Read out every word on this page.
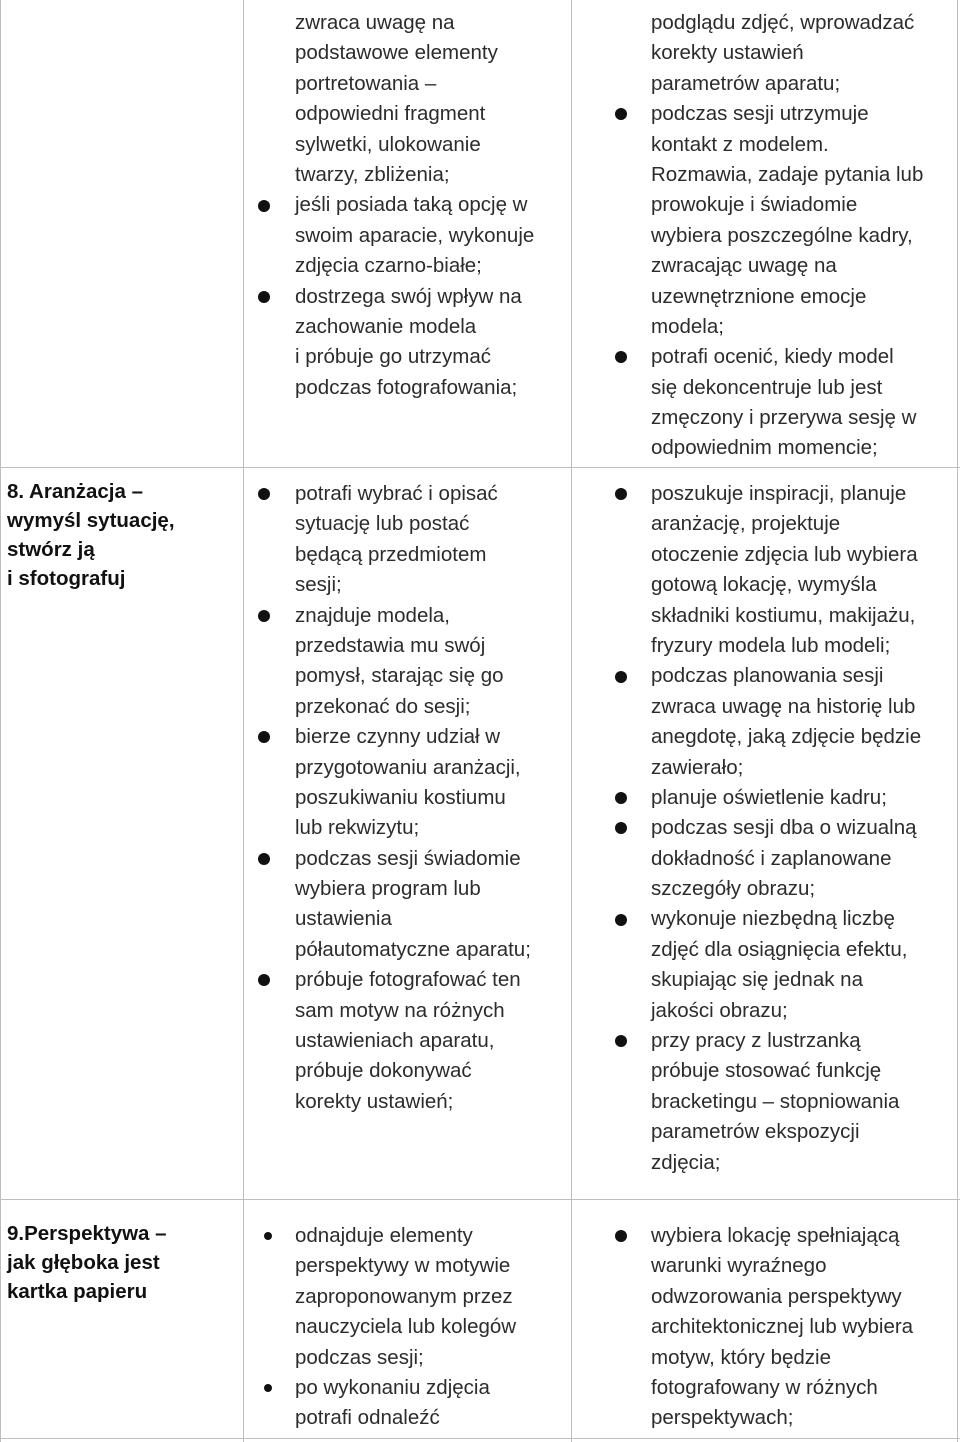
zwraca uwagę na
podstawowe elementy
portretowania –
odpowiedni fragment
sylwetki, ulokowanie
twarzy, zbliżenia;
jeśli posiada taką opcję w
swoim aparacie, wykonuje
zdjęcia czarno-białe;
dostrzega swój wpływ na
zachowanie modela
i próbuje go utrzymać
podczas fotografowania;
podglądu zdjęć, wprowadzać
korekty ustawień
parametrów aparatu;
podczas sesji utrzymuje
kontakt z modelem.
Rozmawia, zadaje pytania lub
prowokuje i świadomie
wybiera poszczególne kadry,
zwracając uwagę na
uzewnętrznione emocje
modela;
potrafi ocenić, kiedy model
się dekoncentruje lub jest
zmęczony i przerywa sesję w
odpowiednim momencie;
8. Aranżacja –
wymyśl sytuację,
stwórz ją
i sfotografuj
potrafi wybrać i opisać
sytuację lub postać
będącą przedmiotem
sesji;
znajduje modela,
przedstawia mu swój
pomysł, starając się go
przekonać do sesji;
bierze czynny udział w
przygotowaniu aranżacji,
poszukiwaniu kostiumu
lub rekwizytu;
podczas sesji świadomie
wybiera program lub
ustawienia
półautomatyczne aparatu;
próbuje fotografować ten
sam motyw na różnych
ustawieniach aparatu,
próbuje dokonywać
korekty ustawień;
poszukuje inspiracji, planuje
aranżację, projektuje
otoczenie zdjęcia lub wybiera
gotową lokację, wymyśla
składniki kostiumu, makijażu,
fryzury modela lub modeli;
podczas planowania sesji
zwraca uwagę na historię lub
anegdotę, jaką zdjęcie będzie
zawierało;
planuje oświetlenie kadru;
podczas sesji dba o wizualną
dokładność i zaplanowane
szczegóły obrazu;
wykonuje niezbędną liczbę
zdjęć dla osiągnięcia efektu,
skupiając się jednak na
jakości obrazu;
przy pracy z lustrzanką
próbuje stosować funkcję
bracketingu – stopniowania
parametrów ekspozycji
zdjęcia;
9.Perspektywa –
jak głęboka jest
kartka papieru
odnajduje elementy
perspektywy w motywie
zaproponowanym przez
nauczyciela lub kolegów
podczas sesji;
po wykonaniu zdjęcia
potrafi odnaleźć
wybiera lokację spełniającą
warunki wyraźnego
odwzorowania perspektywy
architektonicznej lub wybiera
motyw, który będzie
fotografowany w różnych
perspektywach;
